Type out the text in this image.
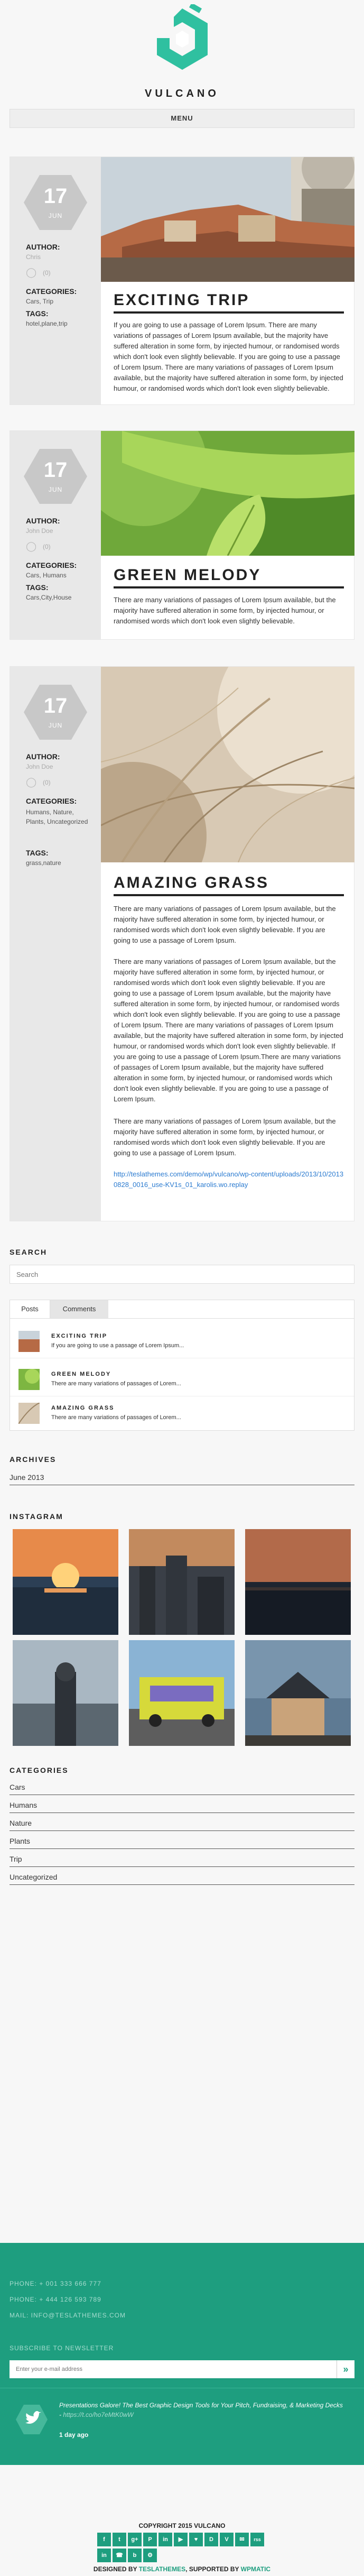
VULCANO
MENU
17
JUN
AUTHOR:
Chris
◯ (0)
CATEGORIES:
Cars, Trip
TAGS:
hotel,plane,trip
EXCITING TRIP

If you are going to use a passage of Lorem Ipsum. There are many variations of passages of Lorem Ipsum available, but the majority have suffered alteration in some form, by injected humour, or randomised words which don't look even slightly believable. If you are going to use a passage of Lorem Ipsum. There are many variations of passages of Lorem Ipsum available, but the majority have suffered alteration in some form, by injected humour, or randomised words which don't look even slightly believable.

17
JUN
AUTHOR:
John Doe
◯ (0)
CATEGORIES:
Cars, Humans
TAGS:
Cars,City,House
GREEN MELODY

There are many variations of passages of Lorem Ipsum available, but the majority have suffered alteration in some form, by injected humour, or randomised words which don't look even slightly believable.

17
JUN
AUTHOR:
John Doe
◯ (0)
CATEGORIES:
Humans, Nature, Plants, Uncategorized
TAGS:
grass,nature
AMAZING GRASS

There are many variations of passages of Lorem Ipsum available, but the majority have suffered alteration in some form, by injected humour, or randomised words which don't look even slightly believable. If you are going to use a passage of Lorem Ipsum.

There are many variations of passages of Lorem Ipsum available, but the majority have suffered alteration in some form, by injected humour, or randomised words which don't look even slightly believable. If you are going to use a passage of Lorem Ipsum available, but the majority have suffered alteration in some form, by injected humour, or randomised words which don't look even slightly believable. If you are going to use a passage of Lorem Ipsum. There are many variations of passages of Lorem Ipsum available, but the majority have suffered alteration in some form, by injected humour, or randomised words which don't look even slightly believable. If you are going to use a passage of Lorem Ipsum.There are many variations of passages of Lorem Ipsum available, but the majority have suffered alteration in some form, by injected humour, or randomised words which don't look even slightly believable. If you are going to use a passage of Lorem Ipsum.

There are many variations of passages of Lorem Ipsum available, but the majority have suffered alteration in some form, by injected humour, or randomised words which don't look even slightly believable. If you are going to use a passage of Lorem Ipsum.

http://teslathemes.com/demo/wp/vulcano/wp-content/uploads/2013/10/20130828_0016_use-KV1s_01_karolis.wo.replay
SEARCH
Search
Posts	Comments
EXCITING TRIP
If you are going to use a passage of Lorem Ipsum...
GREEN MELODY
There are many variations of passages of Lorem...
AMAZING GRASS
There are many variations of passages of Lorem...
ARCHIVES
June 2013
INSTAGRAM
CATEGORIES
Cars
Humans
Nature
Plants
Trip
Uncategorized
PHONE: + 001 333 666 777
PHONE: + 444 126 593 789
MAIL: INFO@TESLATHEMES.COM
SUBSCRIBE TO NEWSLETTER
Enter your e-mail address
»

Presentations Galore! The Best Graphic Design Tools for Your Pitch, Fundraising, & Marketing Decks - https://t.co/ho7eMtK0wW

1 day ago
COPYRIGHT 2015 VULCANO
f	t	g+	P	in	▶	♥	D	V	✉	rss
in	☎	b	⚙
DESIGNED BY TESLATHEMES, SUPPORTED BY WPMATIC
